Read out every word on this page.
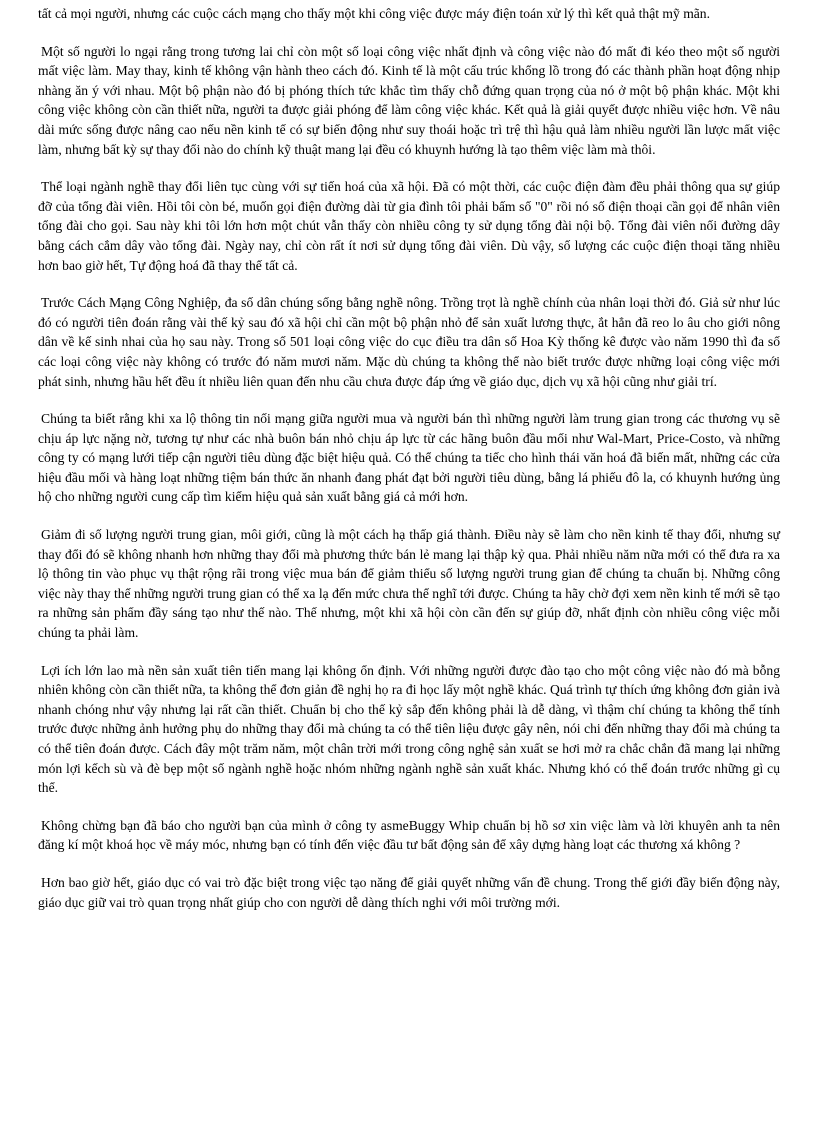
tất cả mọi người, nhưng các cuộc cách mạng cho thấy một khi công việc được máy điện toán xử lý thì kết quả thật mỹ mãn.

Một số người lo ngại rằng trong tương lai chỉ còn một số loại công việc nhất định và công việc nào đó mất đi kéo theo một số người mất việc làm. May thay, kinh tế không vận hành theo cách đó. Kinh tế là một cấu trúc khổng lồ trong đó các thành phần hoạt động nhịp nhàng ăn ý với nhau. Một bộ phận nào đó bị phóng thích tức khắc tìm thấy chỗ đứng quan trọng của nó ở một bộ phận khác. Một khi công việc không còn cần thiết nữa, người ta được giải phóng để làm công việc khác. Kết quả là giải quyết được nhiều việc hơn. Về nâu dài mức sống được nâng cao nếu nền kinh tế có sự biến động như suy thoái hoặc trì trệ thì hậu quả làm nhiều người lần lược mất việc làm, nhưng bất kỳ sự thay đổi nào do chính kỹ thuật mang lại đều có khuynh hướng là tạo thêm việc làm mà thôi.

Thể loại ngành nghề thay đổi liên tục cùng với sự tiến hoá của xã hội. Đã có một thời, các cuộc điện đàm đều phải thông qua sự giúp đỡ của tổng đài viên. Hồi tôi còn bé, muốn gọi điện đường dài từ gia đình tôi phải bấm số "0" rồi nó số điện thoại cần gọi để nhân viên tổng đài cho gọi. Sau này khi tôi lớn hơn một chút vẫn thấy còn nhiều công ty sử dụng tổng đài nội bộ. Tổng đài viên nối đường dây bằng cách cắm dây vào tổng đài. Ngày nay, chỉ còn rất ít nơi sử dụng tổng đài viên. Dù vậy, số lượng các cuộc điện thoại tăng nhiều hơn bao giờ hết, Tự động hoá đã thay thế tất cả.

Trước Cách Mạng Công Nghiệp, đa số dân chúng sống bằng nghề nông. Trồng trọt là nghề chính của nhân loại thời đó. Giả sử như lúc đó có người tiên đoán rằng vài thế kỷ sau đó xã hội chỉ cần một bộ phận nhỏ để sản xuất lương thực, ắt hẳn đã reo lo âu cho giới nông dân về kế sinh nhai của họ sau này. Trong số 501 loại công việc do cục điều tra dân số Hoa Kỳ thống kê được vào năm 1990 thì đa số các loại công việc này không có trước đó năm mươi năm. Mặc dù chúng ta không thể nào biết trước được những loại công việc mới phát sinh, nhưng hầu hết đều ít nhiều liên quan đến nhu cầu chưa được đáp ứng về giáo dục, dịch vụ xã hội cũng như giải trí.

Chúng ta biết rằng khi xa lộ thông tin nối mạng giữa người mua và người bán thì những người làm trung gian trong các thương vụ sẽ chịu áp lực nặng nờ, tương tự như các nhà buôn bán nhỏ chịu áp lực từ các hãng buôn đầu mối như Wal-Mart, Price-Costo, và những công ty có mạng lưới tiếp cận người tiêu dùng đặc biệt hiệu quả. Có thể chúng ta tiếc cho hình thái văn hoá đã biến mất, những các cửa hiệu đầu mối và hàng loạt những tiệm bán thức ăn nhanh đang phát đạt bởi người tiêu dùng, bằng lá phiếu đô la, có khuynh hướng ủng hộ cho những người cung cấp tìm kiếm hiệu quả sản xuất bằng giá cả mới hơn.

Giảm đi số lượng người trung gian, môi giới, cũng là một cách hạ thấp giá thành. Điều này sẽ làm cho nền kinh tế thay đổi, nhưng sự thay đổi đó sẽ không nhanh hơn những thay đổi mà phương thức bán lẻ mang lại thập kỷ qua. Phải nhiều năm nữa mới có thể đưa ra xa lộ thông tin vào phục vụ thật rộng rãi trong việc mua bán để giảm thiểu số lượng người trung gian để chúng ta chuẩn bị. Những công việc này thay thế những người trung gian có thể xa lạ đến mức chưa thể nghĩ tới được. Chúng ta hãy chờ đợi xem nền kinh tế mới sẽ tạo ra những sản phẩm đầy sáng tạo như thế nào. Thế nhưng, một khi xã hội còn cần đến sự giúp đỡ, nhất định còn nhiều công việc mỗi chúng ta phải làm.

Lợi ích lớn lao mà nền sản xuất tiên tiến mang lại không ổn định. Với những người được đào tạo cho một công việc nào đó mà bỗng nhiên không còn cần thiết nữa, ta không thể đơn giản đề nghị họ ra đi học lấy một nghề khác. Quá trình tự thích ứng không đơn giản ivà nhanh chóng như vậy nhưng lại rất cần thiết. Chuẩn bị cho thế kỷ sắp đến không phải là dễ dàng, vì thậm chí chúng ta không thể tính trước được những ảnh hưởng phụ do những thay đổi mà chúng ta có thể tiên liệu được gây nên, nói chi đến những thay đổi mà chúng ta có thể tiên đoán được. Cách đây một trăm năm, một chân trời mới trong công nghệ sản xuất se hơi mở ra chắc chắn đã mang lại những món lợi kếch sù và đè bẹp một số ngành nghề hoặc nhóm những ngành nghề sản xuất khác. Nhưng khó có thể đoán trước những gì cụ thể.

Không chừng bạn đã báo cho người bạn của mình ở công ty asmeBuggy Whip chuẩn bị hồ sơ xin việc làm và lời khuyên anh ta nên đăng kí một khoá học về máy móc, nhưng bạn có tính đến việc đầu tư bất động sản để xây dựng hàng loạt các thương xá không ?

Hơn bao giờ hết, giáo dục có vai trò đặc biệt trong việc tạo năng để giải quyết những vấn đề chung. Trong thế giới đầy biến động này, giáo dục giữ vai trò quan trọng nhất giúp cho con người dễ dàng thích nghi với môi trường mới.
